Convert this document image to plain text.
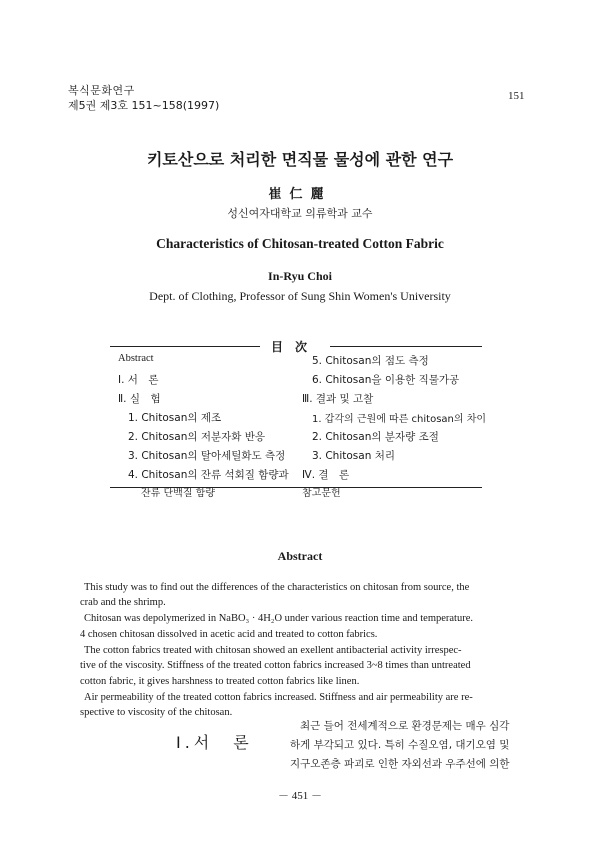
복식문화연구
제5권 제3호 151~158(1997)
151
키토산으로 처리한 면직물 물성에 관한 연구
崔仁麗
성신여자대학교 의류학과 교수
Characteristics of Chitosan-treated Cotton Fabric
In-Ryu Choi
Dept. of Clothing, Professor of Sung Shin Women's University
目次
Abstract
Ⅰ. 서　론
Ⅱ. 실　험
1. Chitosan의 제조
2. Chitosan의 저분자화 반응
3. Chitosan의 탈아세틸화도 측정
4. Chitosan의 잔류 석회질 함량과
잔류 단백질 함량
5. Chitosan의 점도 측정
6. Chitosan을 이용한 직물가공
Ⅲ. 결과 및 고찰
1. 갑각의 근원에 따른 chitosan의 차이
2. Chitosan의 분자량 조절
3. Chitosan 처리
Ⅳ. 결　론
참고문헌
Abstract
This study was to find out the differences of the characteristics on chitosan from source, the
crab and the shrimp.
Chitosan was depolymerized in NaBO₃ · 4H₂O under various reaction time and temperature.
4 chosen chitosan dissolved in acetic acid and treated to cotton fabrics.
The cotton fabrics treated with chitosan showed an exellent antibacterial activity irrespec-
tive of the viscosity. Stiffness of the treated cotton fabrics increased 3~8 times than untreated
cotton fabric, it gives harshness to treated cotton fabrics like linen.
Air permeability of the treated cotton fabrics increased. Stiffness and air permeability are re-
spective to viscosity of the chitosan.
Ⅰ.서　론
최근 들어 전세계적으로 환경문제는 매우 심각
하게 부각되고 있다. 특히 수질오염, 대기오염 및
지구오존층 파괴로 인한 자외선과 우주선에 의한
－ 451 －
